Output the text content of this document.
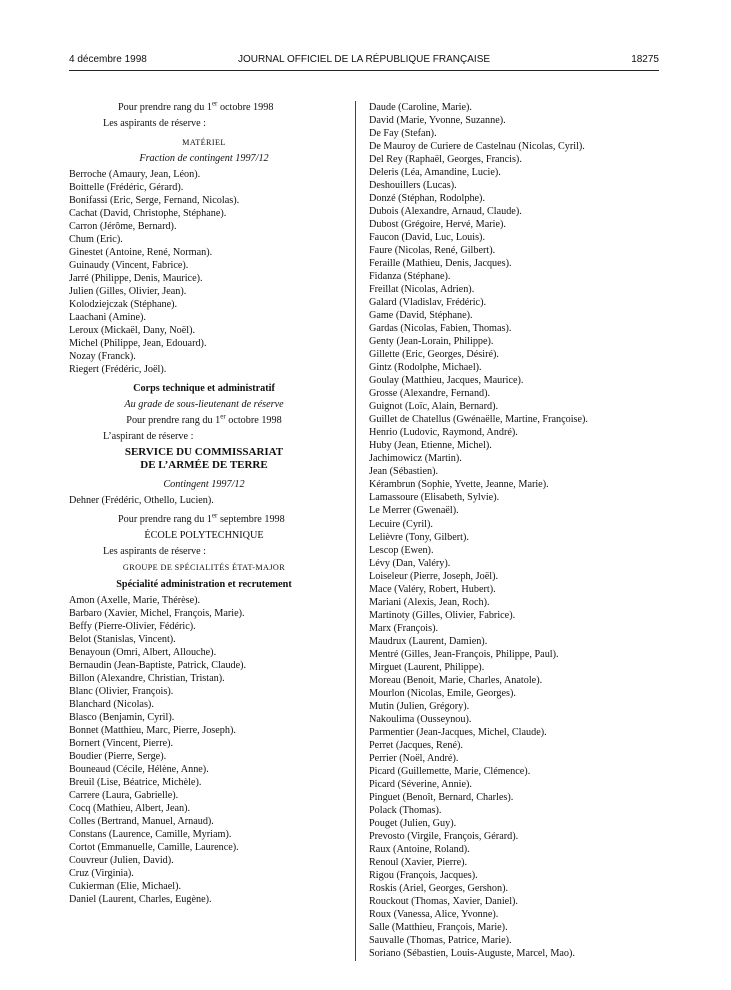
4 décembre 1998	JOURNAL OFFICIEL DE LA RÉPUBLIQUE FRANÇAISE	18275
Pour prendre rang du 1er octobre 1998
Les aspirants de réserve :
MATÉRIEL
Fraction de contingent 1997/12
Berroche (Amaury, Jean, Léon).
Boittelle (Frédéric, Gérard).
Bonifassi (Eric, Serge, Fernand, Nicolas).
Cachat (David, Christophe, Stéphane).
Carron (Jérôme, Bernard).
Chum (Eric).
Ginestet (Antoine, René, Norman).
Guinaudy (Vincent, Fabrice).
Jarré (Philippe, Denis, Maurice).
Julien (Gilles, Olivier, Jean).
Kolodziejczak (Stéphane).
Laachani (Amine).
Leroux (Mickaël, Dany, Noël).
Michel (Philippe, Jean, Edouard).
Nozay (Franck).
Riegert (Frédéric, Joël).
Corps technique et administratif
Au grade de sous-lieutenant de réserve
Pour prendre rang du 1er octobre 1998
L’aspirant de réserve :
SERVICE DU COMMISSARIAT
DE L’ARMÉE DE TERRE
Contingent 1997/12
Dehner (Frédéric, Othello, Lucien).
Pour prendre rang du 1er septembre 1998
ÉCOLE POLYTECHNIQUE
Les aspirants de réserve :
GROUPE DE SPÉCIALITÉS ÉTAT-MAJOR
Spécialité administration et recrutement
Amon (Axelle, Marie, Thérèse).
Barbaro (Xavier, Michel, François, Marie).
Beffy (Pierre-Olivier, Fédéric).
Belot (Stanislas, Vincent).
Benayoun (Omri, Albert, Allouche).
Bernaudin (Jean-Baptiste, Patrick, Claude).
Billon (Alexandre, Christian, Tristan).
Blanc (Olivier, François).
Blanchard (Nicolas).
Blasco (Benjamin, Cyril).
Bonnet (Matthieu, Marc, Pierre, Joseph).
Bornert (Vincent, Pierre).
Boudier (Pierre, Serge).
Bouneaud (Cécile, Hélène, Anne).
Breuil (Lise, Béatrice, Michèle).
Carrere (Laura, Gabrielle).
Cocq (Mathieu, Albert, Jean).
Colles (Bertrand, Manuel, Arnaud).
Constans (Laurence, Camille, Myriam).
Cortot (Emmanuelle, Camille, Laurence).
Couvreur (Julien, David).
Cruz (Virginia).
Cukierman (Elie, Michael).
Daniel (Laurent, Charles, Eugène).
Daude (Caroline, Marie).
David (Marie, Yvonne, Suzanne).
De Fay (Stefan).
De Mauroy de Curiere de Castelnau (Nicolas, Cyril).
Del Rey (Raphaël, Georges, Francis).
Deleris (Léa, Amandine, Lucie).
Deshouillers (Lucas).
Donzé (Stéphan, Rodolphe).
Dubois (Alexandre, Arnaud, Claude).
Dubost (Grégoire, Hervé, Marie).
Faucon (David, Luc, Louis).
Faure (Nicolas, René, Gilbert).
Feraille (Mathieu, Denis, Jacques).
Fidanza (Stéphane).
Freillat (Nicolas, Adrien).
Galard (Vladislav, Frédéric).
Game (David, Stéphane).
Gardas (Nicolas, Fabien, Thomas).
Genty (Jean-Lorain, Philippe).
Gillette (Eric, Georges, Désiré).
Gintz (Rodolphe, Michael).
Goulay (Matthieu, Jacques, Maurice).
Grosse (Alexandre, Fernand).
Guignot (Loïc, Alain, Bernard).
Guillet de Chatellus (Gwénaëlle, Martine, Françoise).
Henrio (Ludovic, Raymond, André).
Huby (Jean, Etienne, Michel).
Jachimowicz (Martin).
Jean (Sébastien).
Kérambrun (Sophie, Yvette, Jeanne, Marie).
Lamassoure (Elisabeth, Sylvie).
Le Merrer (Gwenaël).
Lecuire (Cyril).
Lelièvre (Tony, Gilbert).
Lescop (Ewen).
Lévy (Dan, Valéry).
Loiseleur (Pierre, Joseph, Joël).
Mace (Valéry, Robert, Hubert).
Mariani (Alexis, Jean, Roch).
Martinoty (Gilles, Olivier, Fabrice).
Marx (François).
Maudrux (Laurent, Damien).
Mentré (Gilles, Jean-François, Philippe, Paul).
Mirguet (Laurent, Philippe).
Moreau (Benoit, Marie, Charles, Anatole).
Mourlon (Nicolas, Emile, Georges).
Mutin (Julien, Grégory).
Nakoulima (Ousseynou).
Parmentier (Jean-Jacques, Michel, Claude).
Perret (Jacques, René).
Perrier (Noël, André).
Picard (Guillemette, Marie, Clémence).
Picard (Séverine, Annie).
Pinguet (Benoît, Bernard, Charles).
Polack (Thomas).
Pouget (Julien, Guy).
Prevosto (Virgile, François, Gérard).
Raux (Antoine, Roland).
Renoul (Xavier, Pierre).
Rigou (François, Jacques).
Roskis (Ariel, Georges, Gershon).
Rouckout (Thomas, Xavier, Daniel).
Roux (Vanessa, Alice, Yvonne).
Salle (Matthieu, François, Marie).
Sauvalle (Thomas, Patrice, Marie).
Soriano (Sébastien, Louis-Auguste, Marcel, Mao).
